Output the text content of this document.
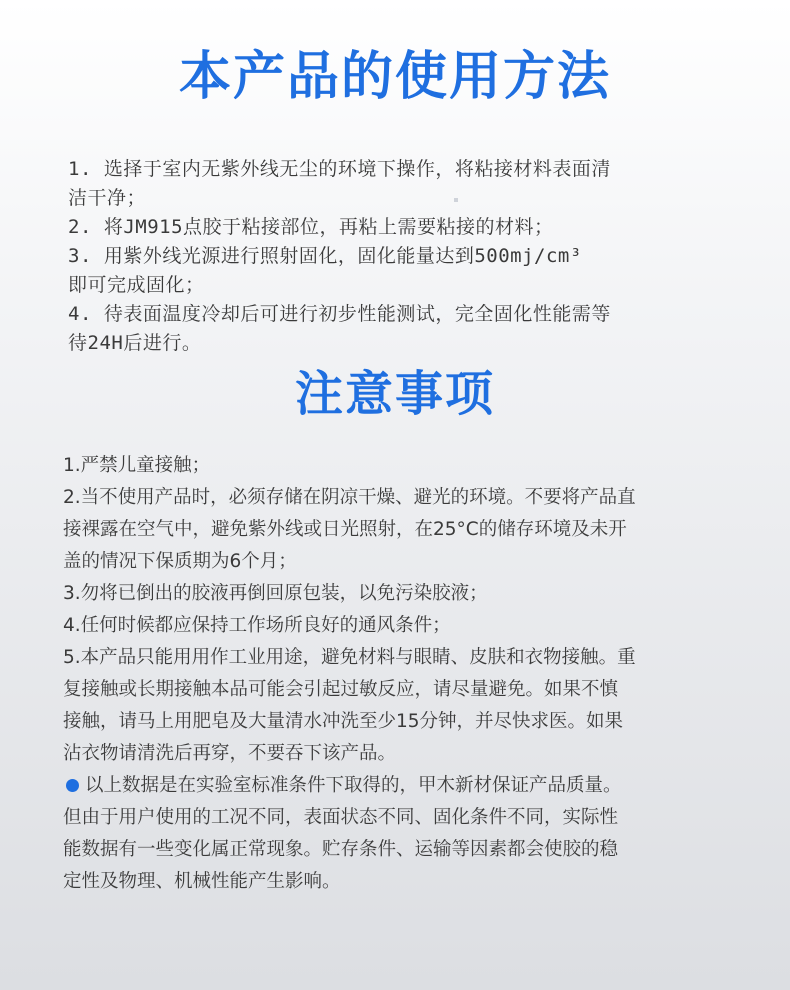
本产品的使用方法
1. 选择于室内无紫外线无尘的环境下操作，将粘接材料表面清
洁干净；
2. 将JM915点胶于粘接部位，再粘上需要粘接的材料；
3. 用紫外线光源进行照射固化，固化能量达到500mj/cm³
即可完成固化；
4. 待表面温度冷却后可进行初步性能测试，完全固化性能需等
待24H后进行。
注意事项
1.严禁儿童接触；
2.当不使用产品时，必须存储在阴凉干燥、避光的环境。不要将产品直
接裸露在空气中，避免紫外线或日光照射，在25°C的储存环境及未开
盖的情况下保质期为6个月；
3.勿将已倒出的胶液再倒回原包装，以免污染胶液；
4.任何时候都应保持工作场所良好的通风条件；
5.本产品只能用用作工业用途，避免材料与眼睛、皮肤和衣物接触。重
复接触或长期接触本品可能会引起过敏反应，请尽量避免。如果不慎
接触，请马上用肥皂及大量清水冲洗至少15分钟，并尽快求医。如果
沾衣物请清洗后再穿，不要吞下该产品。
以上数据是在实验室标准条件下取得的，甲木新材保证产品质量。
但由于用户使用的工况不同，表面状态不同、固化条件不同，实际性
能数据有一些变化属正常现象。贮存条件、运输等因素都会使胶的稳
定性及物理、机械性能产生影响。
